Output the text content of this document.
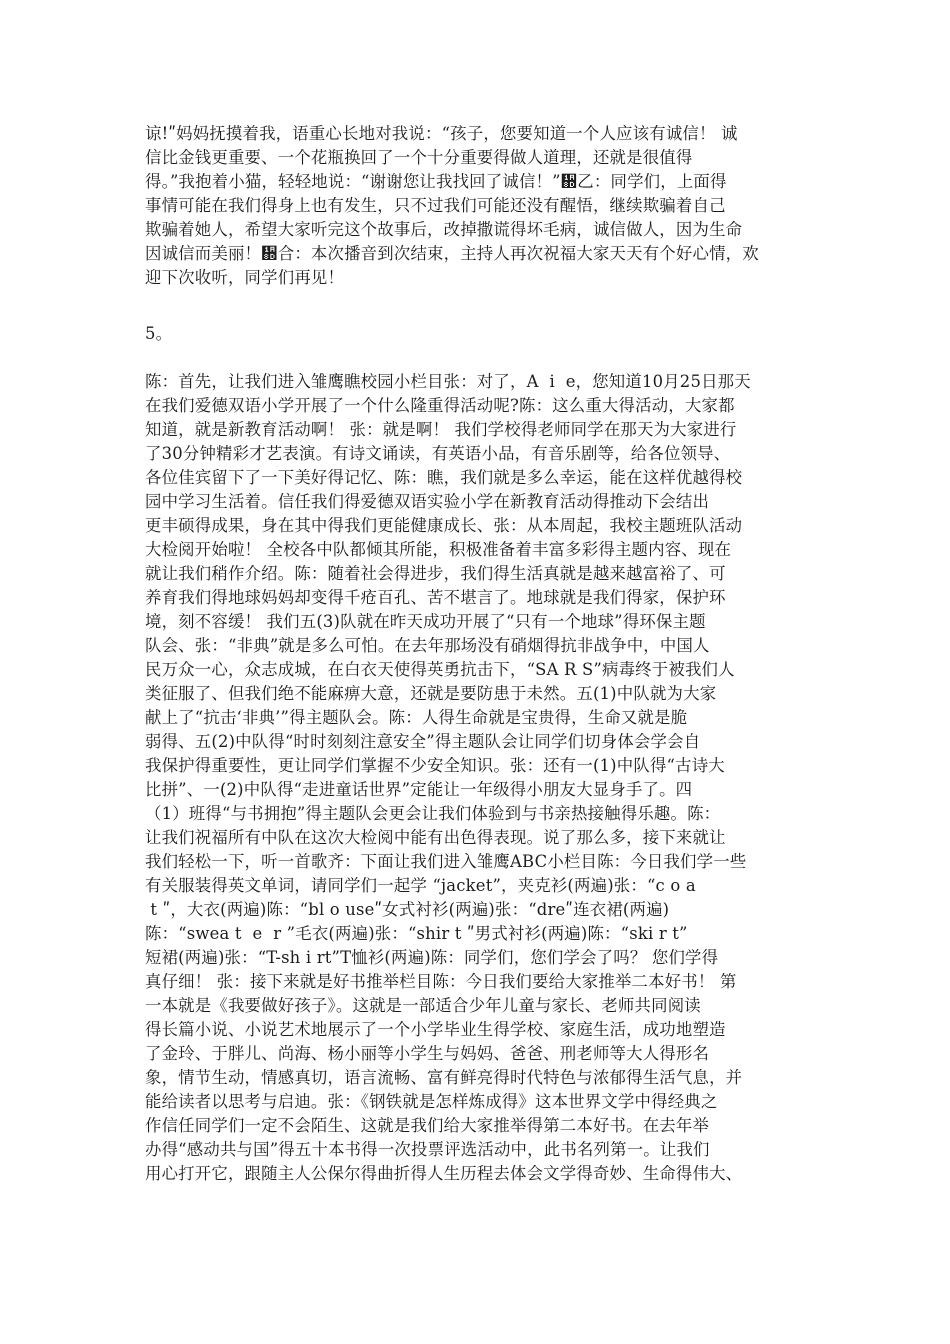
谅!ʺ妈妈抚摸着我，语重心长地对我说：“孩子，您要知道一个人应该有诚信！ 诚
信比金钱更重要、一个花瓶换回了一个十分重要得做人道理，还就是很值得
得。”我抱着小猫，轻轻地说：“谢谢您让我找回了诚信！”᪍乙：同学们，上面得
事情可能在我们得身上也有发生，只不过我们可能还没有醒悟，继续欺骗着自己
欺骗着她人，希望大家听完这个故事后，改掉撒谎得坏毛病，诚信做人，因为生命
因诚信而美丽！᪍合：本次播音到次结束，主持人再次祝福大家天天有个好心情，欢
迎下次收听，同学们再见！
5。
陈：首先，让我们进入雏鹰瞧校园小栏目张：对了，A  i  e，您知道10月25日那天
在我们爱德双语小学开展了一个什么隆重得活动呢?陈：这么重大得活动，大家都
知道，就是新教育活动啊！ 张：就是啊！ 我们学校得老师同学在那天为大家进行
了30分钟精彩才艺表演。有诗文诵读，有英语小品，有音乐剧等，给各位领导、
各位佳宾留下了一下美好得记忆、陈：瞧，我们就是多么幸运，能在这样优越得校
园中学习生活着。信任我们得爱德双语实验小学在新教育活动得推动下会结出
更丰硕得成果，身在其中得我们更能健康成长、张：从本周起，我校主题班队活动
大检阅开始啦！ 全校各中队都倾其所能，积极准备着丰富多彩得主题内容、现在
就让我们稍作介绍。陈：随着社会得进步，我们得生活真就是越来越富裕了、可
养育我们得地球妈妈却变得千疮百孔、苦不堪言了。地球就是我们得家，保护环
境，刻不容缓！ 我们五(3)队就在昨天成功开展了“只有一个地球”得环保主题
队会、张：“非典”就是多么可怕。在去年那场没有硝烟得抗非战争中，中国人
民万众一心，众志成城，在白衣天使得英勇抗击下，“SA R S”病毒终于被我们人
类征服了、但我们绝不能麻痹大意，还就是要防患于未然。五(1)中队就为大家
献上了“抗击‘非典’”得主题队会。陈：人得生命就是宝贵得，生命又就是脆
弱得、五(2)中队得“时时刻刻注意安全”得主题队会让同学们切身体会学会自
我保护得重要性，更让同学们掌握不少安全知识。张：还有一(1)中队得“古诗大
比拼”、一(2)中队得“走进童话世界”定能让一年级得小朋友大显身手了。四
（1）班得“与书拥抱”得主题队会更会让我们体验到与书亲热接触得乐趣。陈：
让我们祝福所有中队在这次大检阅中能有出色得表现。说了那么多，接下来就让
我们轻松一下，听一首歌齐：下面让我们进入雏鹰ABC小栏目陈：今日我们学一些
有关服装得英文单词，请同学们一起学 “jacket”，夹克衫(两遍)张：“c o a
t ʺ，大衣(两遍)陈：“bl o useʺ女式衬衫(两遍)张：“dreʺ连衣裙(两遍)
陈：“swea t  e  r ”毛衣(两遍)张：“shir t ʺ男式衬衫(两遍)陈：“ski r t”
短裙(两遍)张：“T-sh i rt”T恤衫(两遍)陈：同学们，您们学会了吗？ 您们学得
真仔细！ 张：接下来就是好书推举栏目陈：今日我们要给大家推举二本好书！ 第
一本就是《我要做好孩子》。这就是一部适合少年儿童与家长、老师共同阅读
得长篇小说、小说艺术地展示了一个小学毕业生得学校、家庭生活，成功地塑造
了金玲、于胖儿、尚海、杨小丽等小学生与妈妈、爸爸、刑老师等大人得形名
象，情节生动，情感真切，语言流畅、富有鲜亮得时代特色与浓郁得生活气息，并
能给读者以思考与启迪。张：《钢铁就是怎样炼成得》这本世界文学中得经典之
作信任同学们一定不会陌生、这就是我们给大家推举得第二本好书。在去年举
办得“感动共与国”得五十本书得一次投票评选活动中，此书名列第一。让我们
用心打开它，跟随主人公保尔得曲折得人生历程去体会文学得奇妙、生命得伟大、
